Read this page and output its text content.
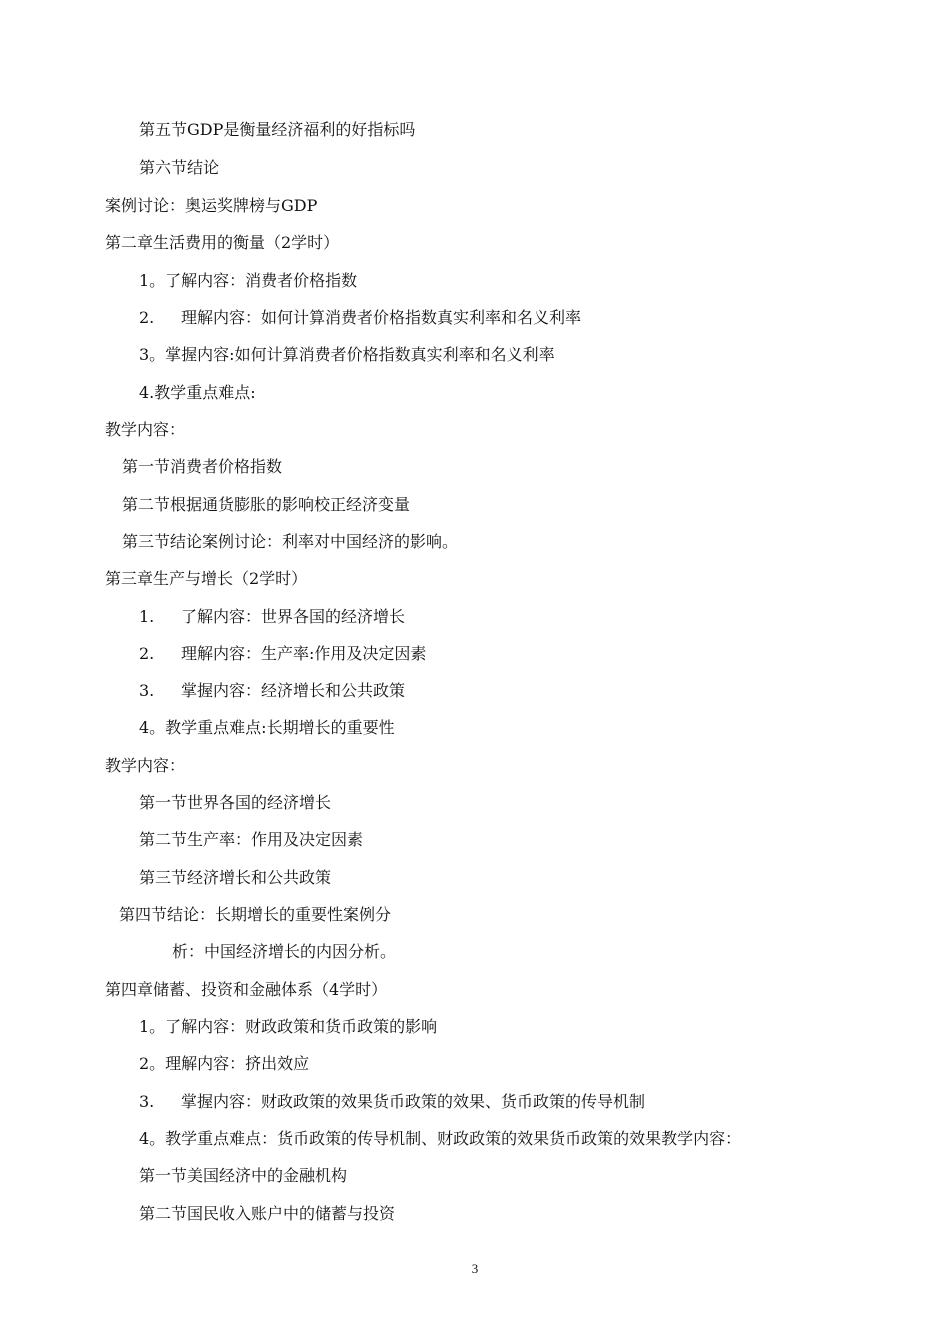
第五节GDP是衡量经济福利的好指标吗
第六节结论
案例讨论：奥运奖牌榜与GDP
第二章生活费用的衡量（2学时）
1。了解内容：消费者价格指数
2. 理解内容：如何计算消费者价格指数真实利率和名义利率
3。掌握内容:如何计算消费者价格指数真实利率和名义利率
4.教学重点难点:
教学内容：
第一节消费者价格指数
第二节根据通货膨胀的影响校正经济变量
第三节结论案例讨论：利率对中国经济的影响。
第三章生产与增长（2学时）
1. 了解内容：世界各国的经济增长
2. 理解内容：生产率:作用及决定因素
3. 掌握内容：经济增长和公共政策
4。教学重点难点:长期增长的重要性
教学内容：
第一节世界各国的经济增长
第二节生产率：作用及决定因素
第三节经济增长和公共政策
第四节结论：长期增长的重要性案例分
析：中国经济增长的内因分析。
第四章储蓄、投资和金融体系（4学时）
1。了解内容：财政政策和货币政策的影响
2。理解内容：挤出效应
3. 掌握内容：财政政策的效果货币政策的效果、货币政策的传导机制
4。教学重点难点：货币政策的传导机制、财政政策的效果货币政策的效果教学内容：
第一节美国经济中的金融机构
第二节国民收入账户中的储蓄与投资
3
